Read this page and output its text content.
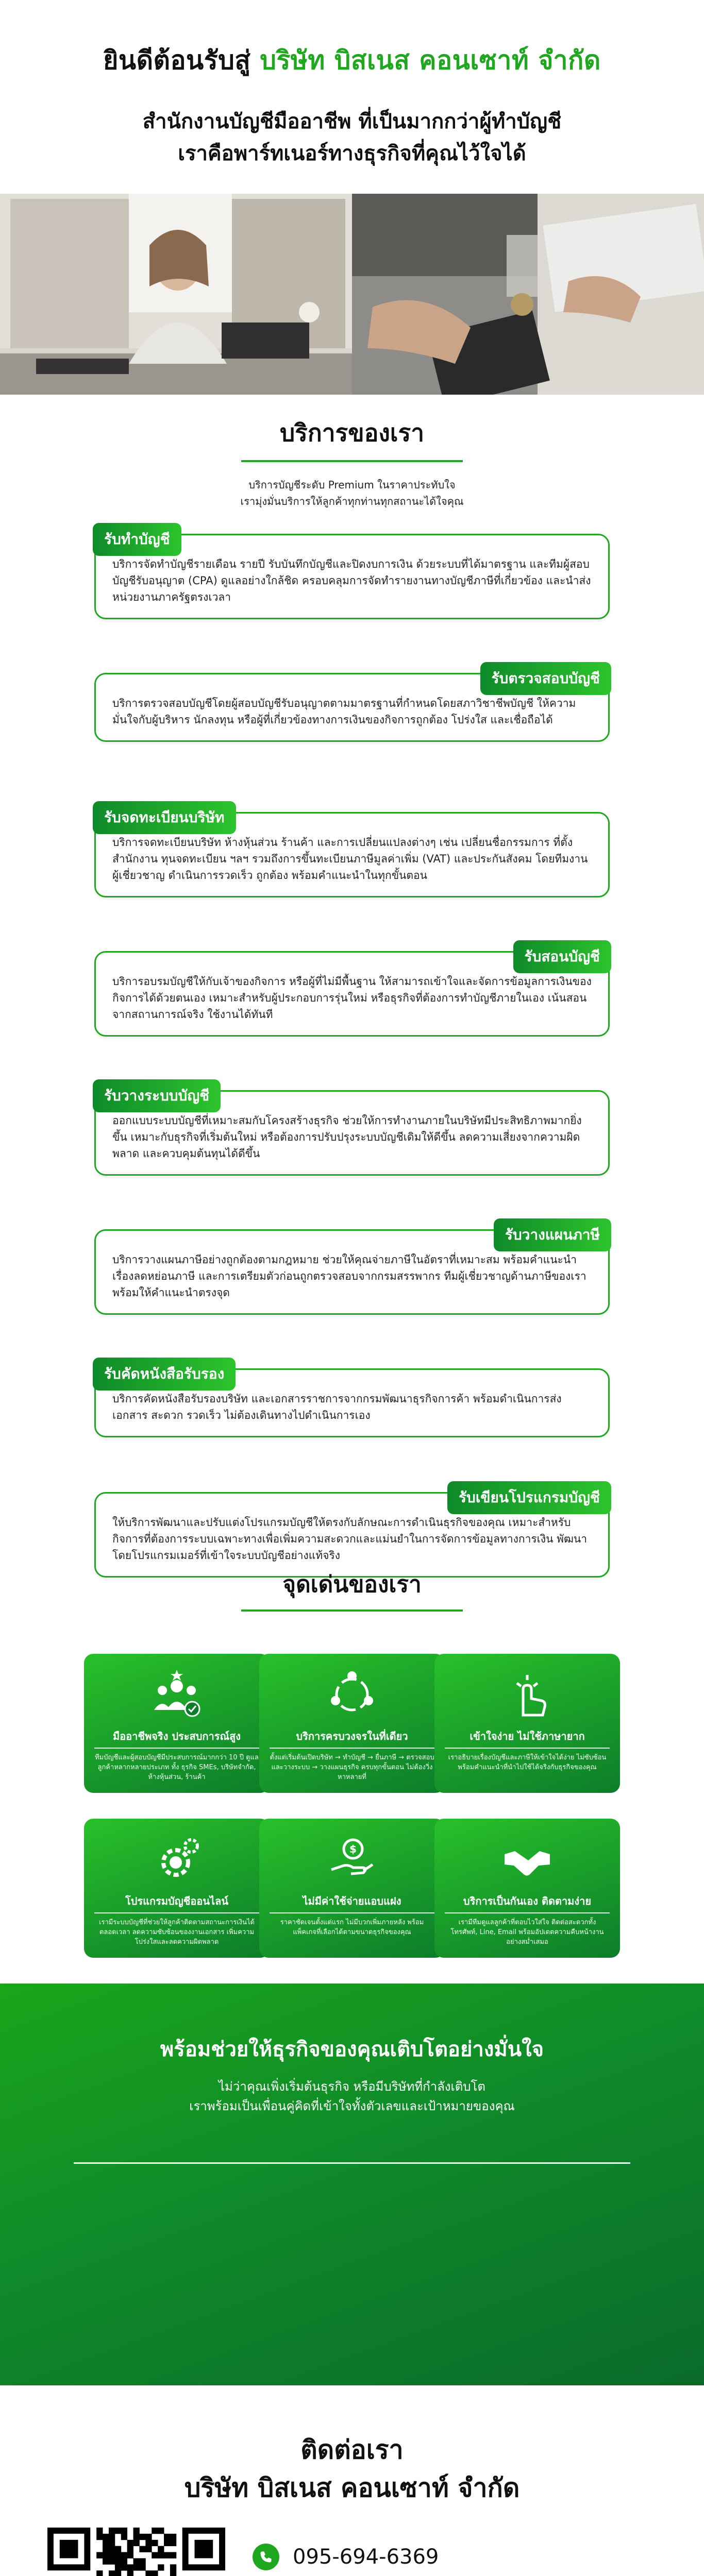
ยินดีต้อนรับสู่ บริษัท บิสเนส คอนเซาท์ จำกัด
สำนักงานบัญชีมืออาชีพ ที่เป็นมากกว่าผู้ทำบัญชี
เราคือพาร์ทเนอร์ทางธุรกิจที่คุณไว้ใจได้
บริการของเรา
บริการบัญชีระดับ Premium ในราคาประทับใจ
เรามุ่งมั่นบริการให้ลูกค้าทุกท่านทุกสถานะได้ใจคุณ
รับทำบัญชี
บริการจัดทำบัญชีรายเดือน รายปี รับบันทึกบัญชีและปิดงบการเงิน ด้วยระบบที่ได้มาตรฐาน และทีมผู้สอบบัญชีรับอนุญาต (CPA) ดูแลอย่างใกล้ชิด ครอบคลุมการจัดทำรายงานทางบัญชีภาษีที่เกี่ยวข้อง และนำส่งหน่วยงานภาครัฐตรงเวลา
รับตรวจสอบบัญชี
บริการตรวจสอบบัญชีโดยผู้สอบบัญชีรับอนุญาตตามมาตรฐานที่กำหนดโดยสภาวิชาชีพบัญชี ให้ความมั่นใจกับผู้บริหาร นักลงทุน หรือผู้ที่เกี่ยวข้องทางการเงินของกิจการถูกต้อง โปร่งใส และเชื่อถือได้
รับจดทะเบียนบริษัท
บริการจดทะเบียนบริษัท ห้างหุ้นส่วน ร้านค้า และการเปลี่ยนแปลงต่างๆ เช่น เปลี่ยนชื่อกรรมการ ที่ตั้งสำนักงาน ทุนจดทะเบียน ฯลฯ รวมถึงการขึ้นทะเบียนภาษีมูลค่าเพิ่ม (VAT) และประกันสังคม โดยทีมงานผู้เชี่ยวชาญ ดำเนินการรวดเร็ว ถูกต้อง พร้อมคำแนะนำในทุกขั้นตอน
รับสอนบัญชี
บริการอบรมบัญชีให้กับเจ้าของกิจการ หรือผู้ที่ไม่มีพื้นฐาน ให้สามารถเข้าใจและจัดการข้อมูลการเงินของกิจการได้ด้วยตนเอง เหมาะสำหรับผู้ประกอบการรุ่นใหม่ หรือธุรกิจที่ต้องการทำบัญชีภายในเอง เน้นสอนจากสถานการณ์จริง ใช้งานได้ทันที
รับวางระบบบัญชี
ออกแบบระบบบัญชีที่เหมาะสมกับโครงสร้างธุรกิจ ช่วยให้การทำงานภายในบริษัทมีประสิทธิภาพมากยิ่งขึ้น เหมาะกับธุรกิจที่เริ่มต้นใหม่ หรือต้องการปรับปรุงระบบบัญชีเดิมให้ดีขึ้น ลดความเสี่ยงจากความผิดพลาด และควบคุมต้นทุนได้ดีขึ้น
รับวางแผนภาษี
บริการวางแผนภาษีอย่างถูกต้องตามกฎหมาย ช่วยให้คุณจ่ายภาษีในอัตราที่เหมาะสม พร้อมคำแนะนำเรื่องลดหย่อนภาษี และการเตรียมตัวก่อนถูกตรวจสอบจากกรมสรรพากร ทีมผู้เชี่ยวชาญด้านภาษีของเราพร้อมให้คำแนะนำตรงจุด
รับคัดหนังสือรับรอง
บริการคัดหนังสือรับรองบริษัท และเอกสารราชการจากกรมพัฒนาธุรกิจการค้า พร้อมดำเนินการส่งเอกสาร สะดวก รวดเร็ว ไม่ต้องเดินทางไปดำเนินการเอง
รับเขียนโปรแกรมบัญชี
ให้บริการพัฒนาและปรับแต่งโปรแกรมบัญชีให้ตรงกับลักษณะการดำเนินธุรกิจของคุณ เหมาะสำหรับกิจการที่ต้องการระบบเฉพาะทางเพื่อเพิ่มความสะดวกและแม่นยำในการจัดการข้อมูลทางการเงิน พัฒนาโดยโปรแกรมเมอร์ที่เข้าใจระบบบัญชีอย่างแท้จริง
จุดเด่นของเรา
มืออาชีพจริง ประสบการณ์สูง
ทีมบัญชีและผู้สอบบัญชีมีประสบการณ์มากกว่า 10 ปี ดูแลลูกค้าหลากหลายประเภท ทั้ง ธุรกิจ SMEs, บริษัทจำกัด, ห้างหุ้นส่วน, ร้านค้า
บริการครบวงจรในที่เดียว
ตั้งแต่เริ่มต้นเปิดบริษัท → ทำบัญชี → ยื่นภาษี → ตรวจสอบและวางระบบ → วางแผนธุรกิจ ครบทุกขั้นตอน ไม่ต้องวิ่งหาหลายที่
เข้าใจง่าย ไม่ใช้ภาษายาก
เราอธิบายเรื่องบัญชีและภาษีให้เข้าใจได้ง่าย ไม่ซับซ้อน พร้อมคำแนะนำที่นำไปใช้ได้จริงกับธุรกิจของคุณ
โปรแกรมบัญชีออนไลน์
เรามีระบบบัญชีที่ช่วยให้ลูกค้าติดตามสถานะการเงินได้ตลอดเวลา ลดความซับซ้อนของงานเอกสาร เพิ่มความโปร่งใสและลดความผิดพลาด
$
ไม่มีค่าใช้จ่ายแอบแฝง
ราคาชัดเจนตั้งแต่แรก ไม่มีบวกเพิ่มภายหลัง พร้อมแพ็คเกจที่เลือกได้ตามขนาดธุรกิจของคุณ
บริการเป็นกันเอง ติดตามง่าย
เรามีทีมดูแลลูกค้าที่ตอบไวใส่ใจ ติดต่อสะดวกทั้ง โทรศัพท์, Line, Email พร้อมอัปเดตความคืบหน้างานอย่างสม่ำเสมอ
พร้อมช่วยให้ธุรกิจของคุณเติบโตอย่างมั่นใจ
ไม่ว่าคุณเพิ่งเริ่มต้นธุรกิจ หรือมีบริษัทที่กำลังเติบโต
เราพร้อมเป็นเพื่อนคู่คิดที่เข้าใจทั้งตัวเลขและเป้าหมายของคุณ
ติดต่อเรา
บริษัท บิสเนส คอนเซาท์ จำกัด
095-694-6369
